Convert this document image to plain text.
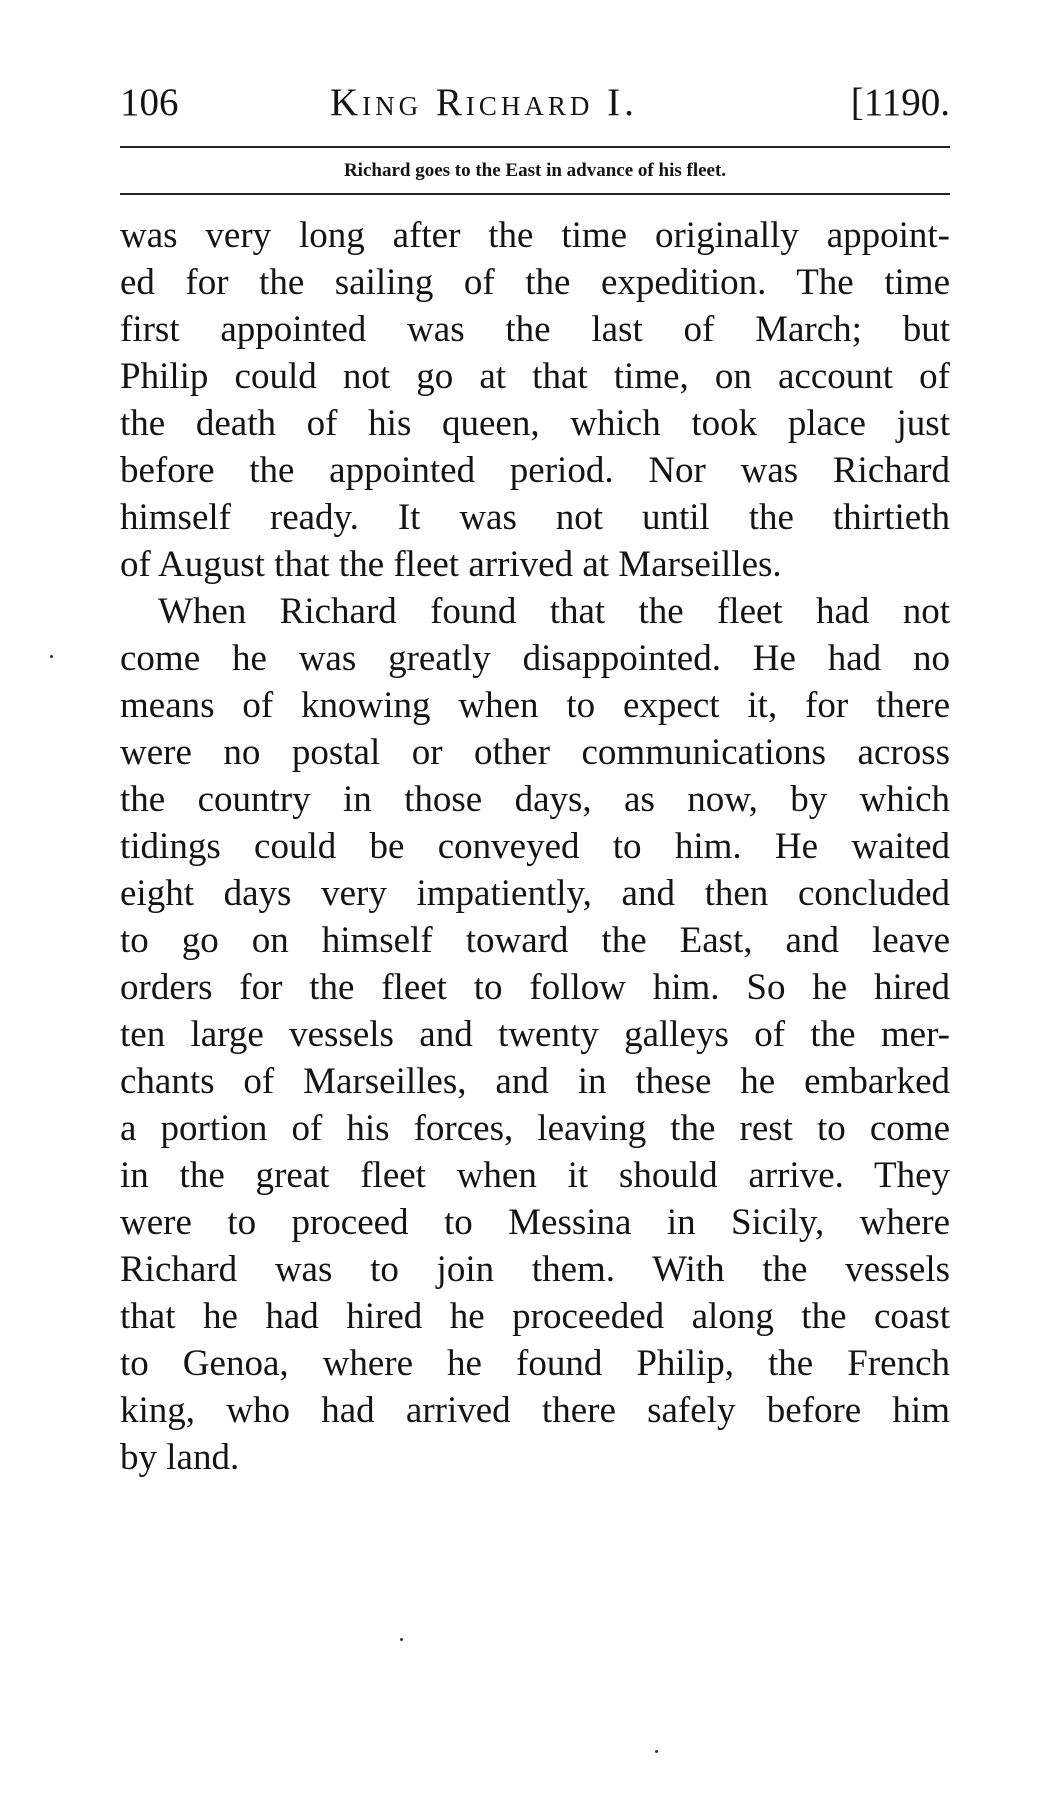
106	King Richard I.	[1190.
Richard goes to the East in advance of his fleet.
was very long after the time originally appoint-
ed for the sailing of the expedition. The time
first appointed was the last of March; but
Philip could not go at that time, on account of
the death of his queen, which took place just
before the appointed period. Nor was Richard
himself ready. It was not until the thirtieth
of August that the fleet arrived at Marseilles.
When Richard found that the fleet had not
come he was greatly disappointed. He had no
means of knowing when to expect it, for there
were no postal or other communications across
the country in those days, as now, by which
tidings could be conveyed to him. He waited
eight days very impatiently, and then concluded
to go on himself toward the East, and leave
orders for the fleet to follow him. So he hired
ten large vessels and twenty galleys of the mer-
chants of Marseilles, and in these he embarked
a portion of his forces, leaving the rest to come
in the great fleet when it should arrive. They
were to proceed to Messina in Sicily, where
Richard was to join them. With the vessels
that he had hired he proceeded along the coast
to Genoa, where he found Philip, the French
king, who had arrived there safely before him
by land.
